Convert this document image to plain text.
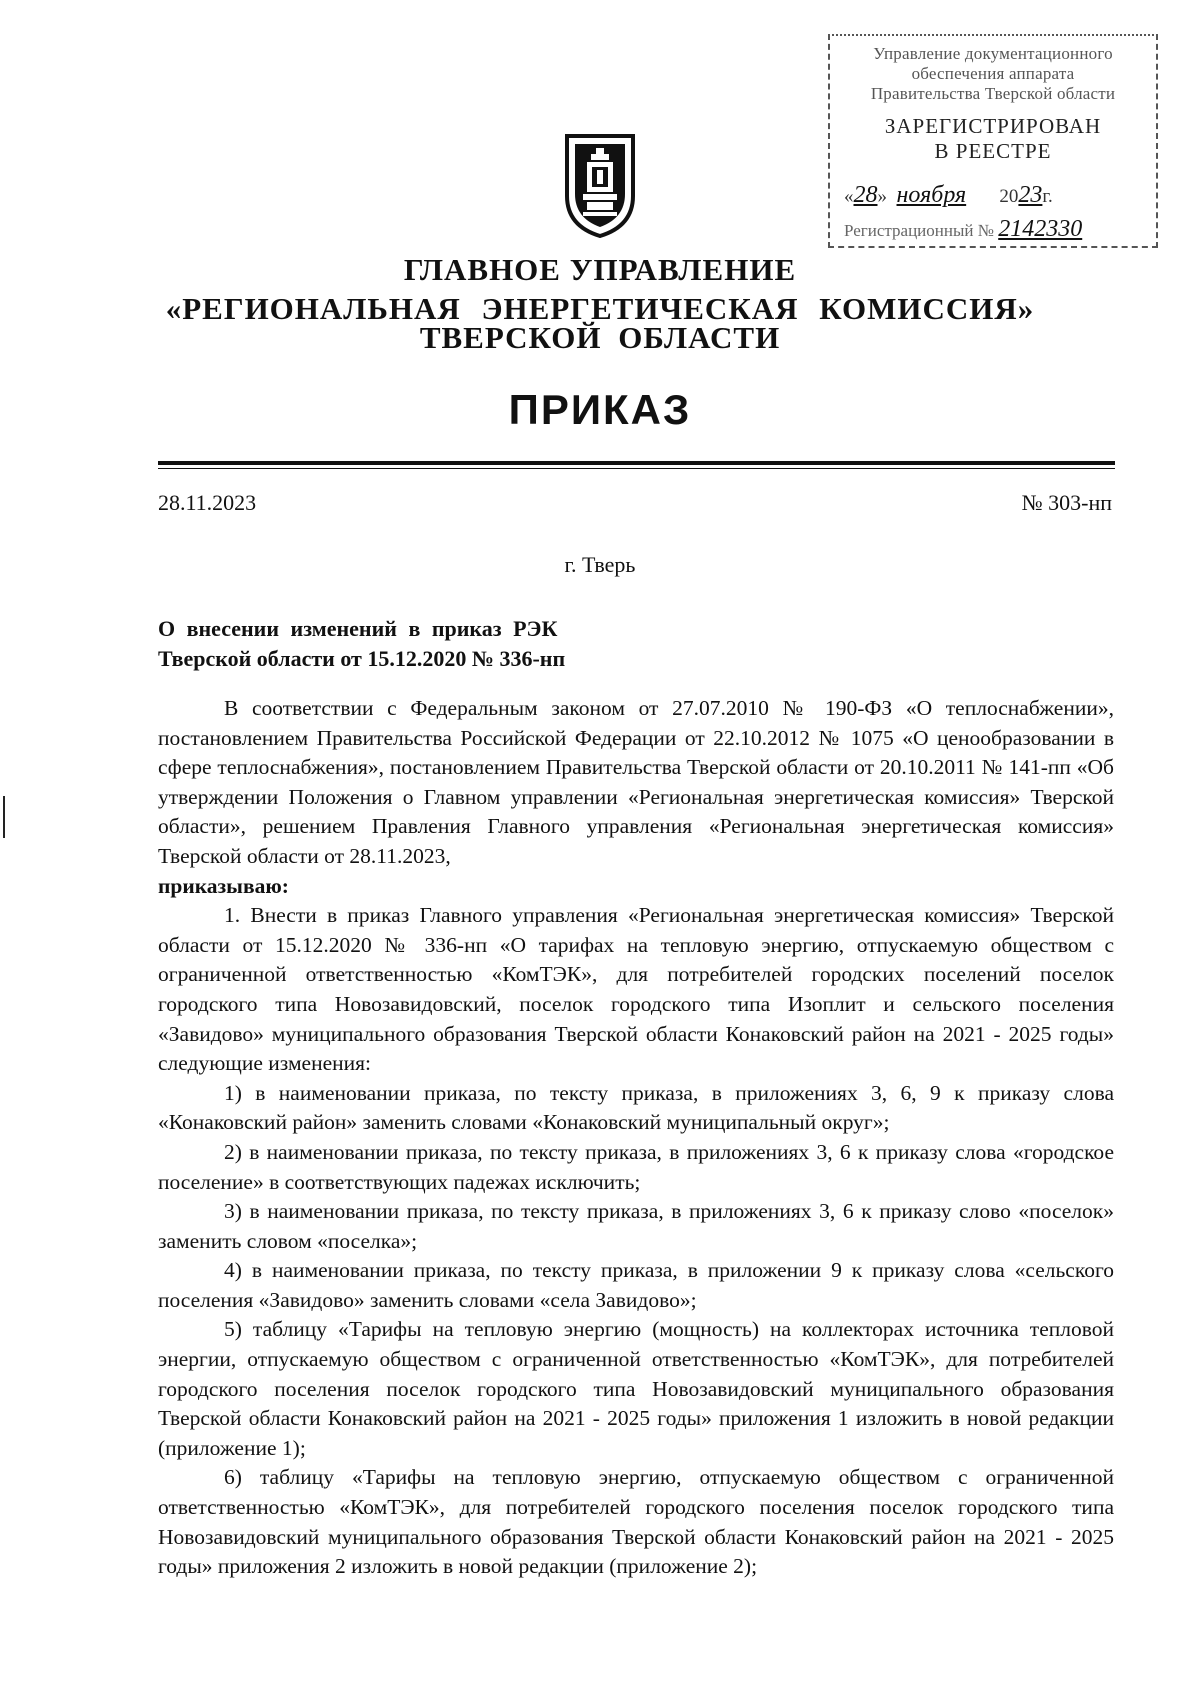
Управление документационного
обеспечения аппарата
Правительства Тверской области
ЗАРЕГИСТРИРОВАН
В РЕЕСТРЕ
«28» ноября 2023г.
Регистрационный № 2142330
ГЛАВНОЕ УПРАВЛЕНИЕ
«РЕГИОНАЛЬНАЯ ЭНЕРГЕТИЧЕСКАЯ КОМИССИЯ»
ТВЕРСКОЙ ОБЛАСТИ
ПРИКАЗ
28.11.2023	№ 303-нп
г. Тверь
О внесении изменений в приказ РЭК
Тверской области от 15.12.2020 № 336-нп

В соответствии с Федеральным законом от 27.07.2010 № 190-ФЗ «О теплоснабжении», постановлением Правительства Российской Федерации от 22.10.2012 № 1075 «О ценообразовании в сфере теплоснабжения», постановлением Правительства Тверской области от 20.10.2011 № 141-пп «Об утверждении Положения о Главном управлении «Региональная энергетическая комиссия» Тверской области», решением Правления Главного управления «Региональная энергетическая комиссия» Тверской области от 28.11.2023,

приказываю:

1. Внести в приказ Главного управления «Региональная энергетическая комиссия» Тверской области от 15.12.2020 № 336-нп «О тарифах на тепловую энергию, отпускаемую обществом с ограниченной ответственностью «КомТЭК», для потребителей городских поселений поселок городского типа Новозавидовский, поселок городского типа Изоплит и сельского поселения «Завидово» муниципального образования Тверской области Конаковский район на 2021 - 2025 годы» следующие изменения:

1) в наименовании приказа, по тексту приказа, в приложениях 3, 6, 9 к приказу слова «Конаковский район» заменить словами «Конаковский муниципальный округ»;

2) в наименовании приказа, по тексту приказа, в приложениях 3, 6 к приказу слова «городское поселение» в соответствующих падежах исключить;

3) в наименовании приказа, по тексту приказа, в приложениях 3, 6 к приказу слово «поселок» заменить словом «поселка»;

4) в наименовании приказа, по тексту приказа, в приложении 9 к приказу слова «сельского поселения «Завидово» заменить словами «села Завидово»;

5) таблицу «Тарифы на тепловую энергию (мощность) на коллекторах источника тепловой энергии, отпускаемую обществом с ограниченной ответственностью «КомТЭК», для потребителей городского поселения поселок городского типа Новозавидовский муниципального образования Тверской области Конаковский район на 2021 - 2025 годы» приложения 1 изложить в новой редакции (приложение 1);

6) таблицу «Тарифы на тепловую энергию, отпускаемую обществом с ограниченной ответственностью «КомТЭК», для потребителей городского поселения поселок городского типа Новозавидовский муниципального образования Тверской области Конаковский район на 2021 - 2025 годы» приложения 2 изложить в новой редакции (приложение 2);
